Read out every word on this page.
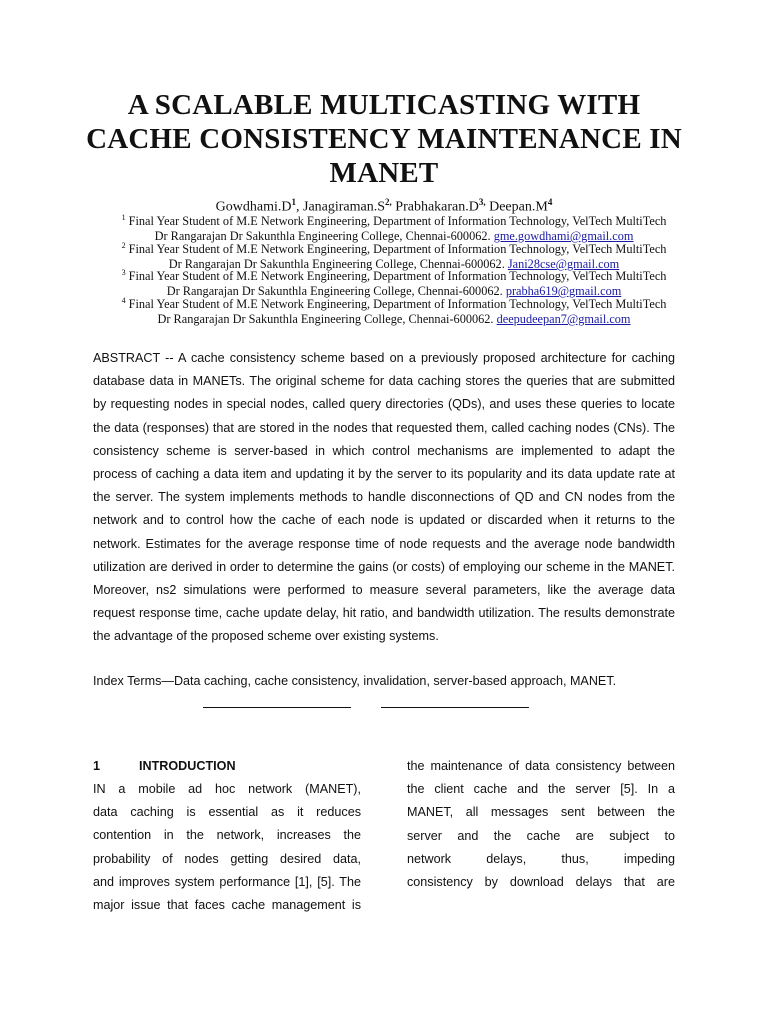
A SCALABLE MULTICASTING WITH
CACHE CONSISTENCY MAINTENANCE IN
MANET
$Gowdhami.D^1$, $Janagiraman.S^{2,}$ $Prabhakaran.D^{3,}$ $Deepan.M^4$
$^1$ Final Year Student of M.E Network Engineering, Department of Information Technology, VelTech MultiTech
Dr Rangarajan Dr Sakunthla Engineering College, Chennai-600062. gme.gowdhami@gmail.com
$^2$ Final Year Student of M.E Network Engineering, Department of Information Technology, VelTech MultiTech
Dr Rangarajan Dr Sakunthla Engineering College, Chennai-600062. Jani28cse@gmail.com
$^3$ Final Year Student of M.E Network Engineering, Department of Information Technology, VelTech MultiTech
Dr Rangarajan Dr Sakunthla Engineering College, Chennai-600062. prabha619@gmail.com
$^4$ Final Year Student of M.E Network Engineering, Department of Information Technology, VelTech MultiTech
Dr Rangarajan Dr Sakunthla Engineering College, Chennai-600062. deepudeepan7@gmail.com

ABSTRACT -- A cache consistency scheme based on a previously proposed architecture for caching database data in MANETs. The original scheme for data caching stores the queries that are submitted by requesting nodes in special nodes, called query directories (QDs), and uses these queries to locate the data (responses) that are stored in the nodes that requested them, called caching nodes (CNs). The consistency scheme is server-based in which control mechanisms are implemented to adapt the process of caching a data item and updating it by the server to its popularity and its data update rate at the server. The system implements methods to handle disconnections of QD and CN nodes from the network and to control how the cache of each node is updated or discarded when it returns to the network. Estimates for the average response time of node requests and the average node bandwidth utilization are derived in order to determine the gains (or costs) of employing our scheme in the MANET. Moreover, ns2 simulations were performed to measure several parameters, like the average data request response time, cache update delay, hit ratio, and bandwidth utilization. The results demonstrate the advantage of the proposed scheme over existing systems.

Index Terms—Data caching, cache consistency, invalidation, server-based approach, MANET.

1	INTRODUCTION
IN a mobile ad hoc network (MANET),
data caching is essential as it reduces
contention in the network, increases the
probability of nodes getting desired data,
and improves system performance [1], [5]. The
major issue that faces cache management is
the maintenance of data consistency between
the client cache and the server [5]. In a
MANET, all messages sent between the
server and the cache are subject to
network delays, thus, impeding
consistency by download delays that are
